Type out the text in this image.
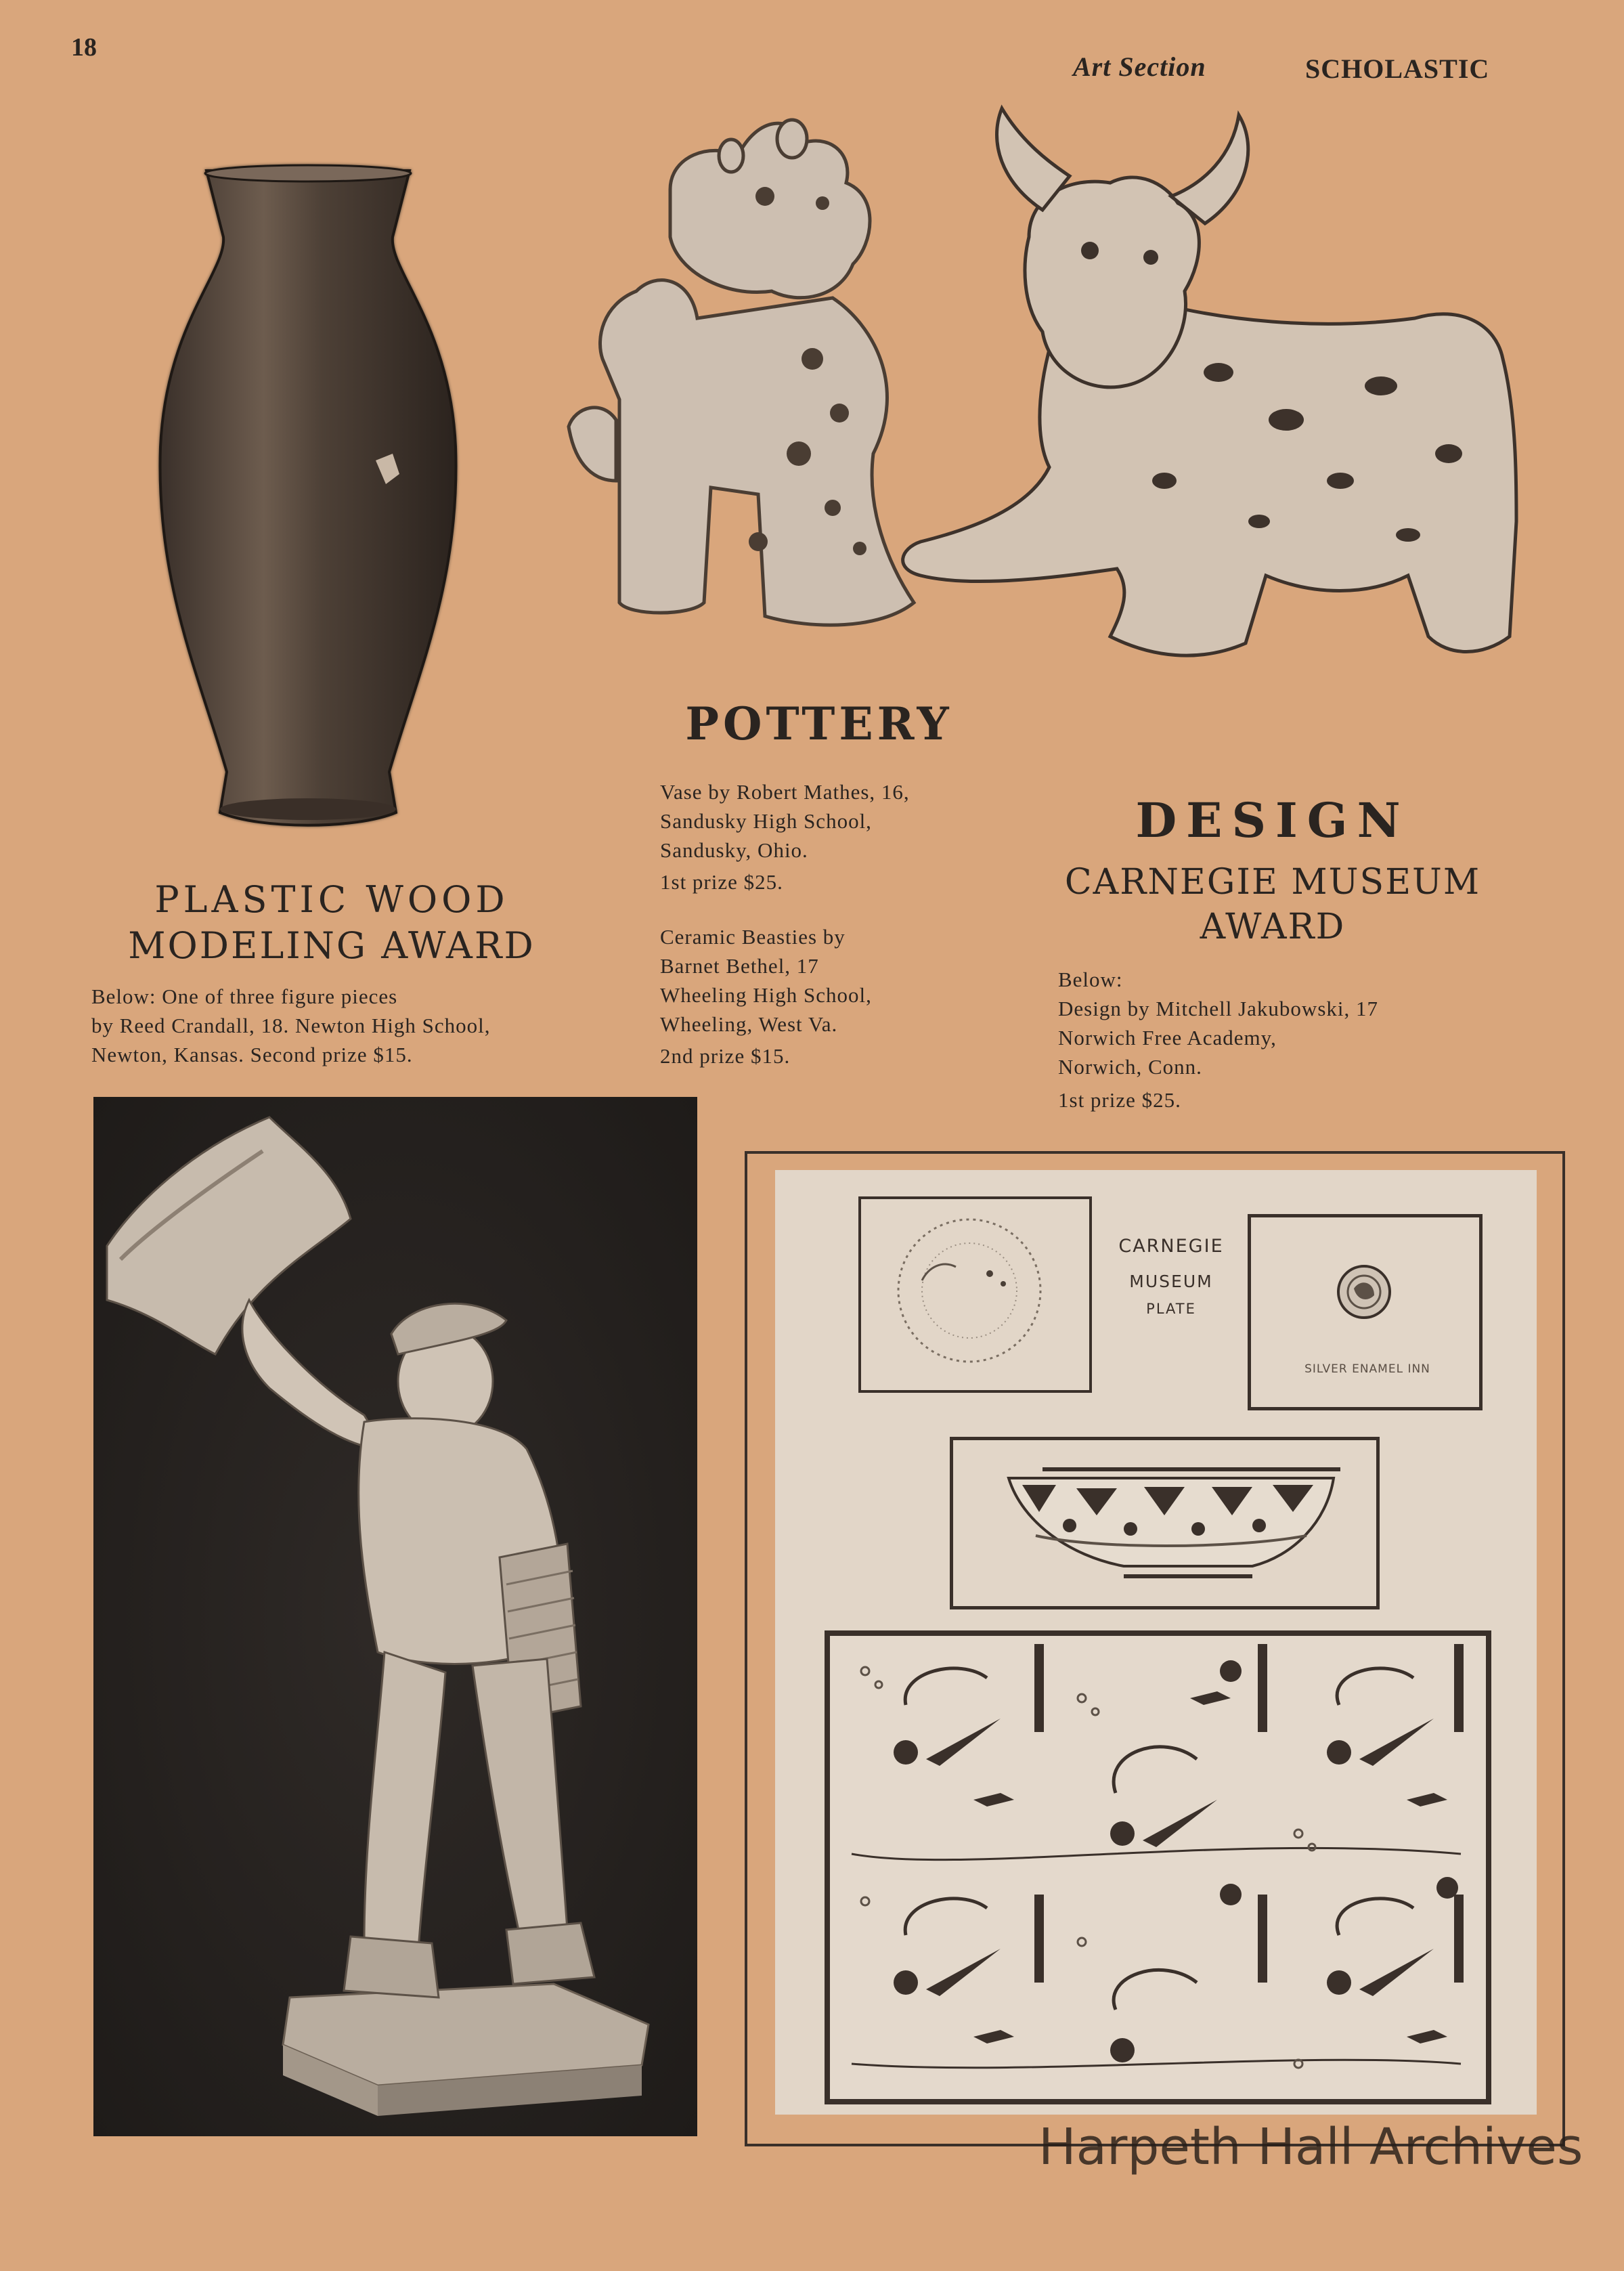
18
Art Section	SCHOLASTIC
POTTERY

Vase by Robert Mathes, 16,

Sandusky High School,

Sandusky, Ohio.

1st prize $25.

Ceramic Beasties by

Barnet Bethel, 17

Wheeling High School,

Wheeling, West Va.

2nd prize $15.

PLASTIC WOOD
MODELING AWARD

Below: One of three figure pieces

by Reed Crandall, 18. Newton High School,

Newton, Kansas. Second prize $15.

DESIGN
CARNEGIE MUSEUM
AWARD

Below:

Design by Mitchell Jakubowski, 17

Norwich Free Academy,

Norwich, Conn.

1st prize $25.

CARNEGIE
MUSEUM
PLATE
SILVER ENAMEL INN
Harpeth Hall Archives
